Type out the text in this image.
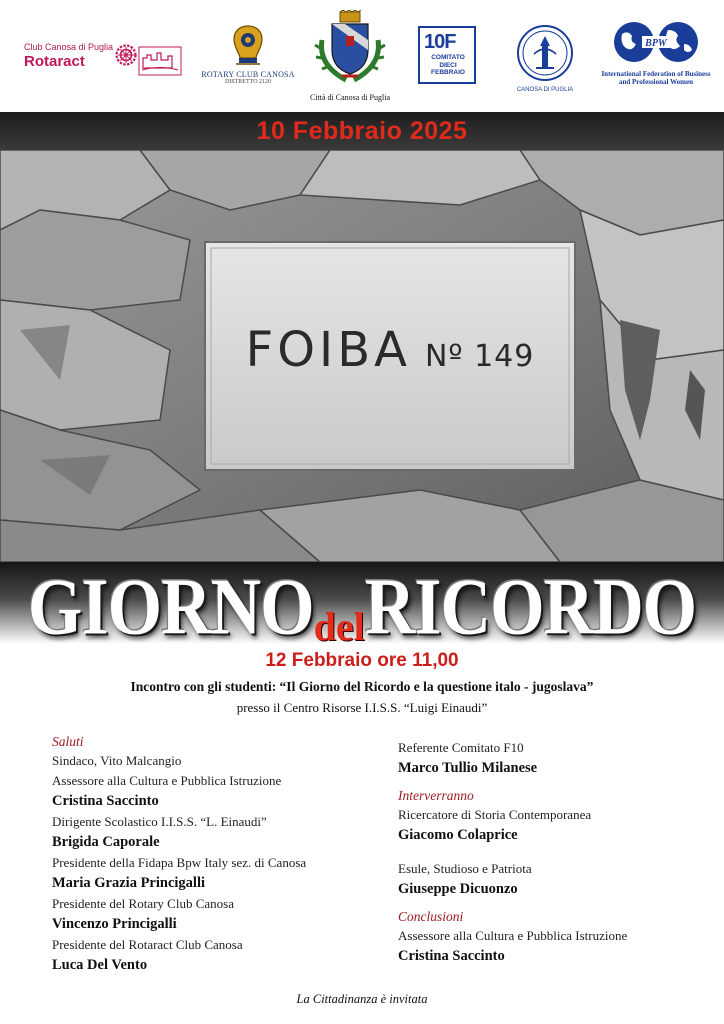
Club Canosa di Puglia
Rotaract
ROTARY CLUB CANOSA
DISTRETTO 2120
Città di Canosa di Puglia
10F
COMITATO DIECI FEBBRAIO
CANOSA DI PUGLIA
BPW
International Federation of Business and Professional Women
10 Febbraio 2025
FOIBA Nº 149
GIORNOdelRICORDO
12 Febbraio ore 11,00
Incontro con gli studenti: “Il Giorno del Ricordo e la questione italo - jugoslava”
presso il Centro Risorse I.I.S.S. “Luigi Einaudi”
Saluti
Sindaco, Vito Malcangio
Assessore alla Cultura e Pubblica Istruzione
Cristina Saccinto
Dirigente Scolastico I.I.S.S. “L. Einaudi”
Brigida Caporale
Presidente della Fidapa Bpw Italy sez. di Canosa
Maria Grazia Princigalli
Presidente del Rotary Club Canosa
Vincenzo Princigalli
Presidente del Rotaract Club Canosa
Luca Del Vento
Referente Comitato F10
Marco Tullio Milanese
Interverranno
Ricercatore di Storia Contemporanea
Giacomo Colaprice
Esule, Studioso e Patriota
Giuseppe Dicuonzo
Conclusioni
Assessore alla Cultura e Pubblica Istruzione
Cristina Saccinto
La Cittadinanza è invitata
